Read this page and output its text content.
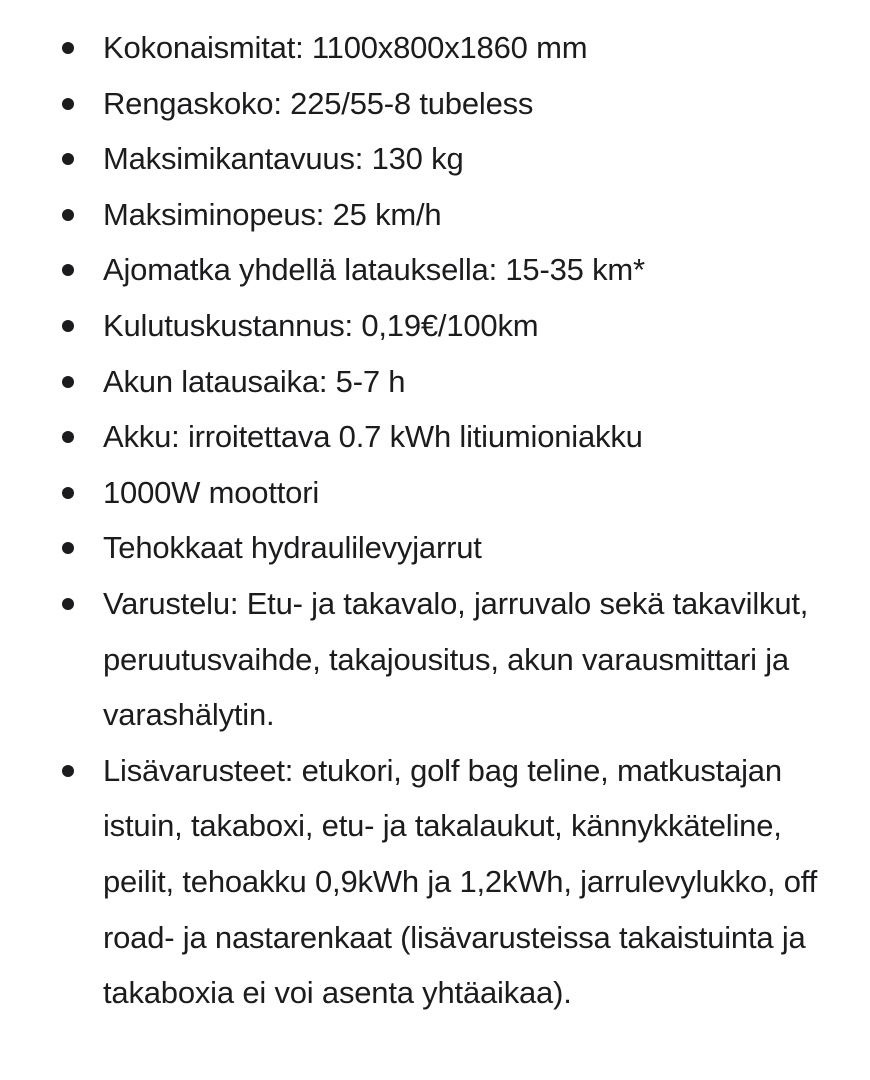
Kokonaismitat: 1100x800x1860 mm
Rengaskoko: 225/55-8 tubeless
Maksimikantavuus: 130 kg
Maksiminopeus: 25 km/h
Ajomatka yhdellä latauksella: 15-35 km*
Kulutuskustannus: 0,19€/100km
Akun latausaika: 5-7 h
Akku: irroitettava 0.7 kWh litiumioniakku
1000W moottori
Tehokkaat hydraulilevyjarrut
Varustelu: Etu- ja takavalo, jarruvalo sekä takavilkut, peruutusvaihde, takajousitus, akun varausmittari ja varashälytin.
Lisävarusteet: etukori, golf bag teline, matkustajan istuin, takaboxi, etu- ja takalaukut, kännykkäteline, peilit, tehoakku 0,9kWh ja 1,2kWh, jarrulevylukko, off road- ja nastarenkaat (lisävarusteissa takaistuinta ja takaboxia ei voi asenta yhtäaikaa).
